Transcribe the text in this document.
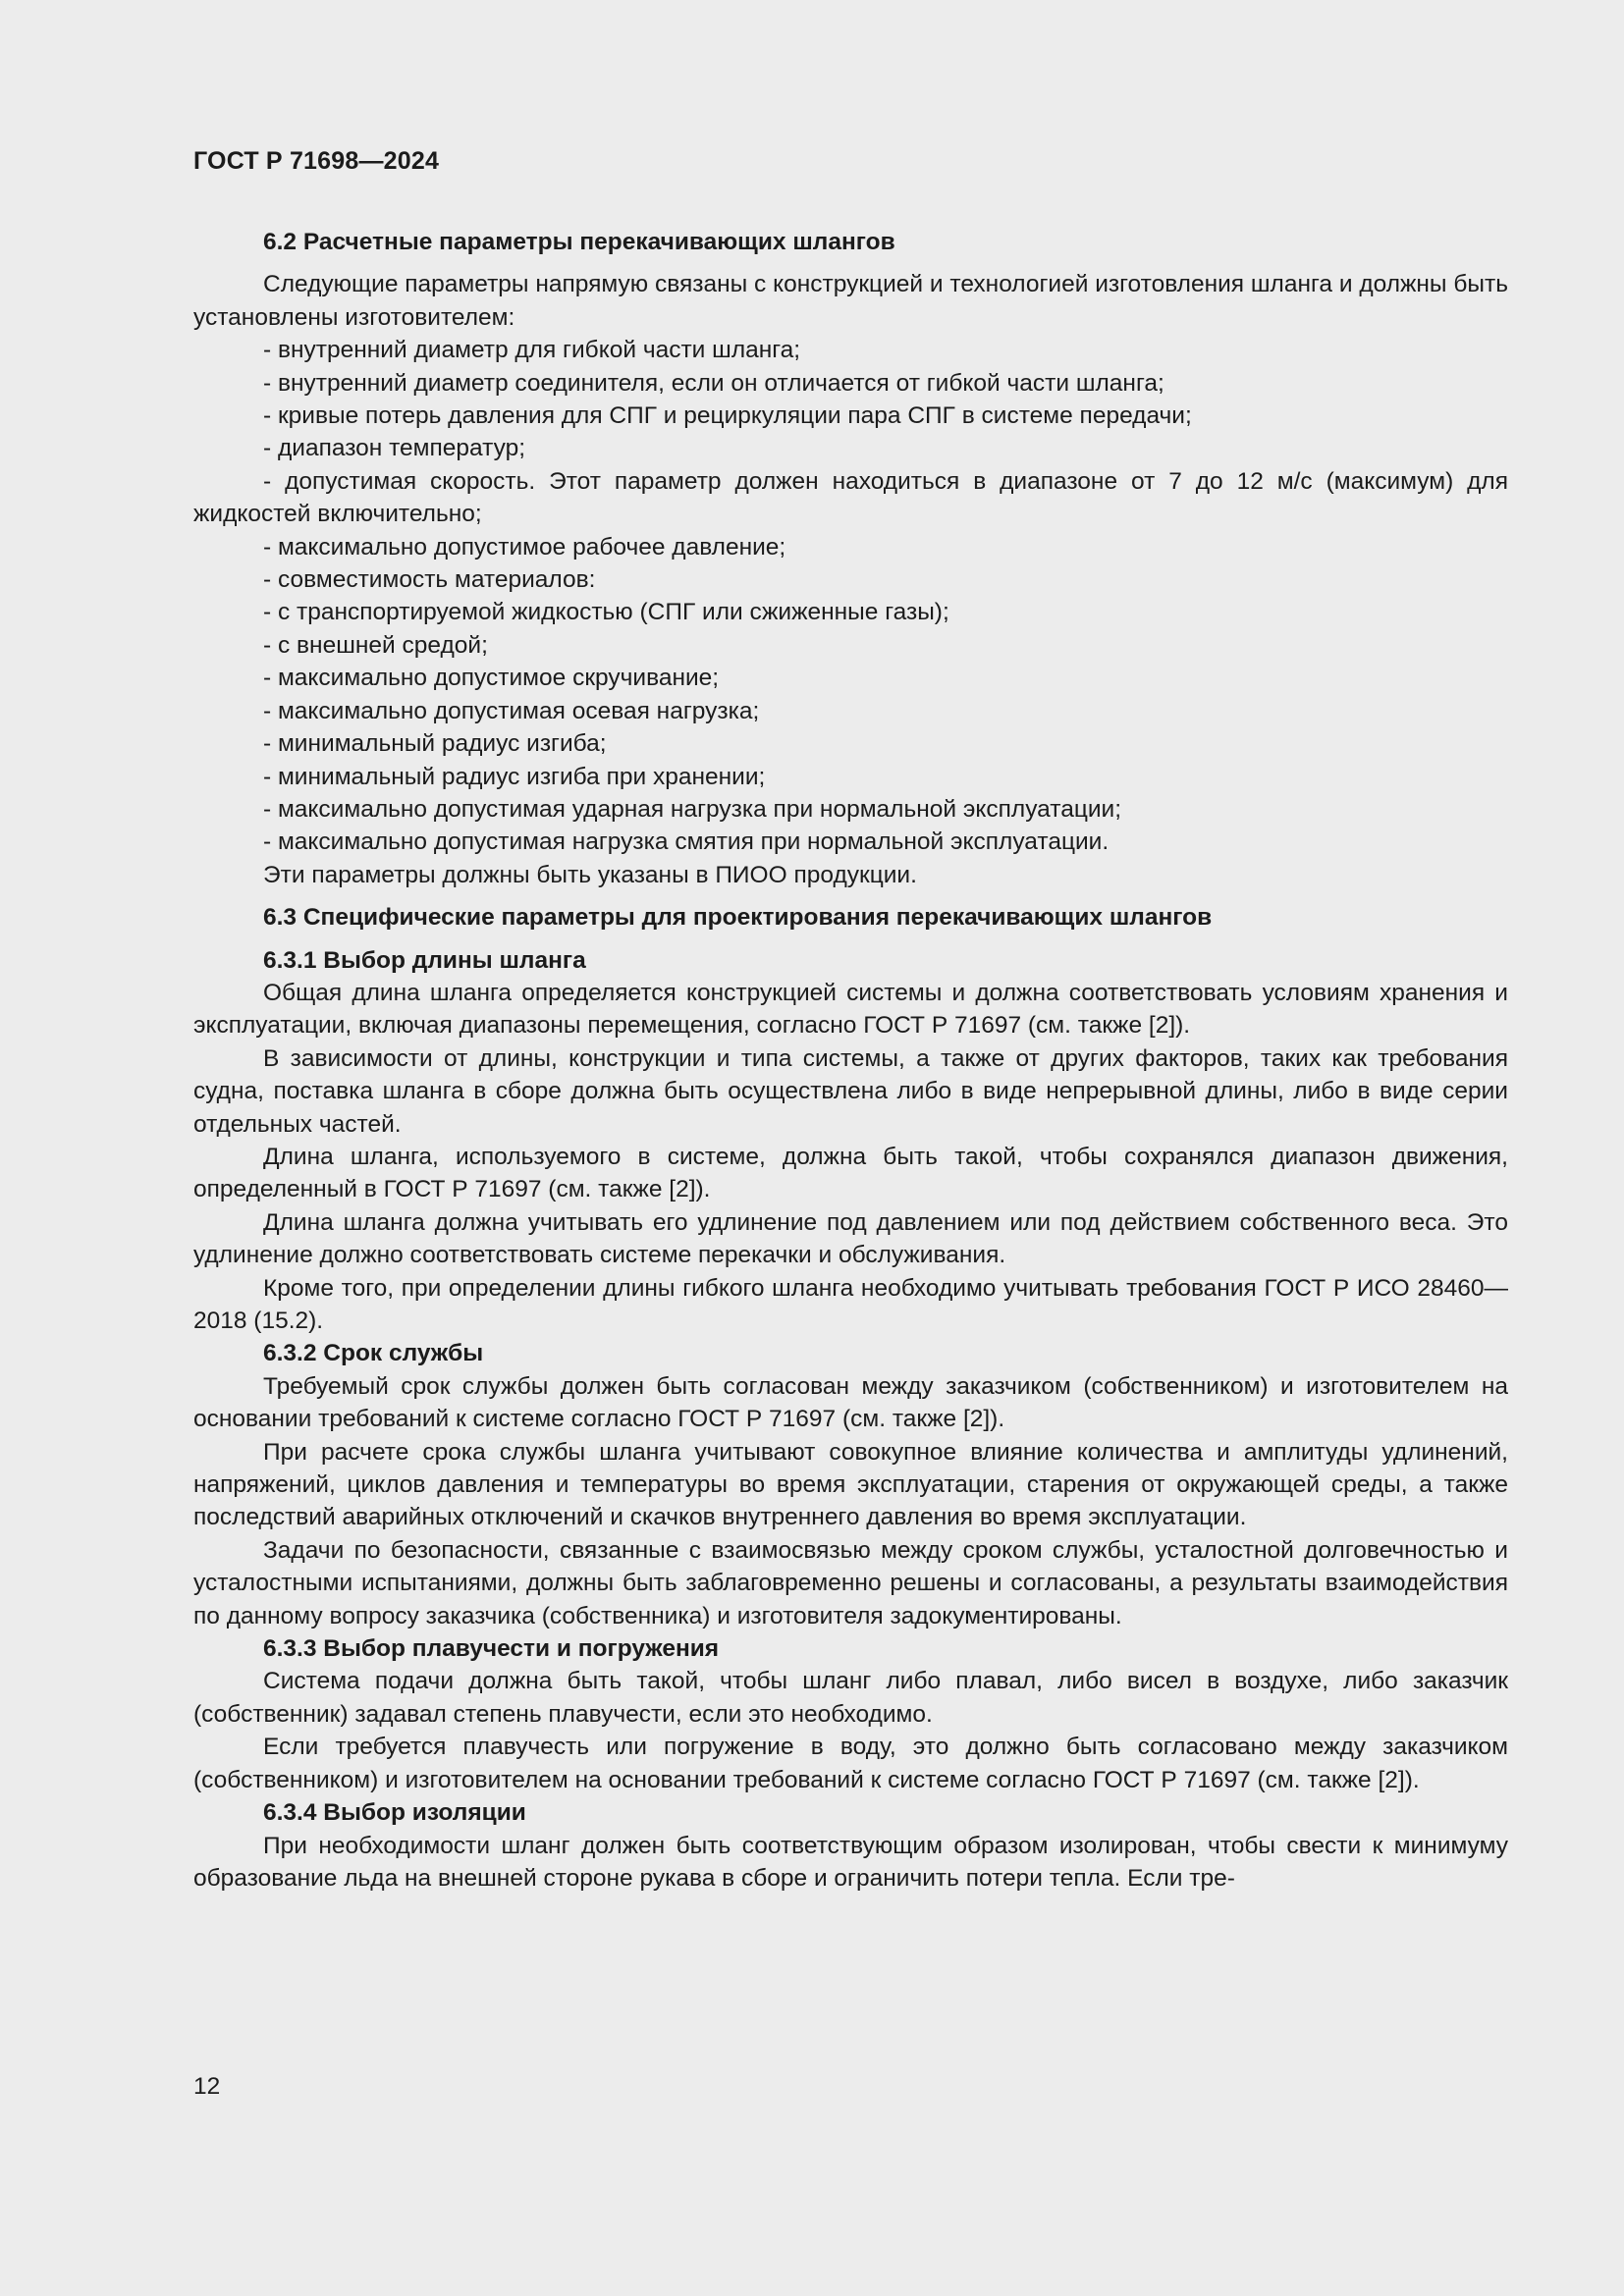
ГОСТ Р 71698—2024

6.2 Расчетные параметры перекачивающих шлангов

Следующие параметры напрямую связаны с конструкцией и технологией изготовления шланга и должны быть установлены изготовителем:

- внутренний диаметр для гибкой части шланга;

- внутренний диаметр соединителя, если он отличается от гибкой части шланга;

- кривые потерь давления для СПГ и рециркуляции пара СПГ в системе передачи;

- диапазон температур;

- допустимая скорость. Этот параметр должен находиться в диапазоне от 7 до 12 м/с (максимум) для жидкостей включительно;

- максимально допустимое рабочее давление;

- совместимость материалов:

- с транспортируемой жидкостью (СПГ или сжиженные газы);

- с внешней средой;

- максимально допустимое скручивание;

- максимально допустимая осевая нагрузка;

- минимальный радиус изгиба;

- минимальный радиус изгиба при хранении;

- максимально допустимая ударная нагрузка при нормальной эксплуатации;

- максимально допустимая нагрузка смятия при нормальной эксплуатации.

Эти параметры должны быть указаны в ПИОО продукции.

6.3 Специфические параметры для проектирования перекачивающих шлангов

6.3.1 Выбор длины шланга

Общая длина шланга определяется конструкцией системы и должна соответствовать условиям хранения и эксплуатации, включая диапазоны перемещения, согласно ГОСТ Р 71697 (см. также [2]).

В зависимости от длины, конструкции и типа системы, а также от других факторов, таких как требования судна, поставка шланга в сборе должна быть осуществлена либо в виде непрерывной длины, либо в виде серии отдельных частей.

Длина шланга, используемого в системе, должна быть такой, чтобы сохранялся диапазон движения, определенный в ГОСТ Р 71697 (см. также [2]).

Длина шланга должна учитывать его удлинение под давлением или под действием собственного веса. Это удлинение должно соответствовать системе перекачки и обслуживания.

Кроме того, при определении длины гибкого шланга необходимо учитывать требования ГОСТ Р ИСО 28460—2018 (15.2).

6.3.2 Срок службы

Требуемый срок службы должен быть согласован между заказчиком (собственником) и изготовителем на основании требований к системе согласно ГОСТ Р 71697 (см. также [2]).

При расчете срока службы шланга учитывают совокупное влияние количества и амплитуды удлинений, напряжений, циклов давления и температуры во время эксплуатации, старения от окружающей среды, а также последствий аварийных отключений и скачков внутреннего давления во время эксплуатации.

Задачи по безопасности, связанные с взаимосвязью между сроком службы, усталостной долговечностью и усталостными испытаниями, должны быть заблаговременно решены и согласованы, а результаты взаимодействия по данному вопросу заказчика (собственника) и изготовителя задокументированы.

6.3.3 Выбор плавучести и погружения

Система подачи должна быть такой, чтобы шланг либо плавал, либо висел в воздухе, либо заказчик (собственник) задавал степень плавучести, если это необходимо.

Если требуется плавучесть или погружение в воду, это должно быть согласовано между заказчиком (собственником) и изготовителем на основании требований к системе согласно ГОСТ Р 71697 (см. также [2]).

6.3.4 Выбор изоляции

При необходимости шланг должен быть соответствующим образом изолирован, чтобы свести к минимуму образование льда на внешней стороне рукава в сборе и ограничить потери тепла. Если тре-

12
